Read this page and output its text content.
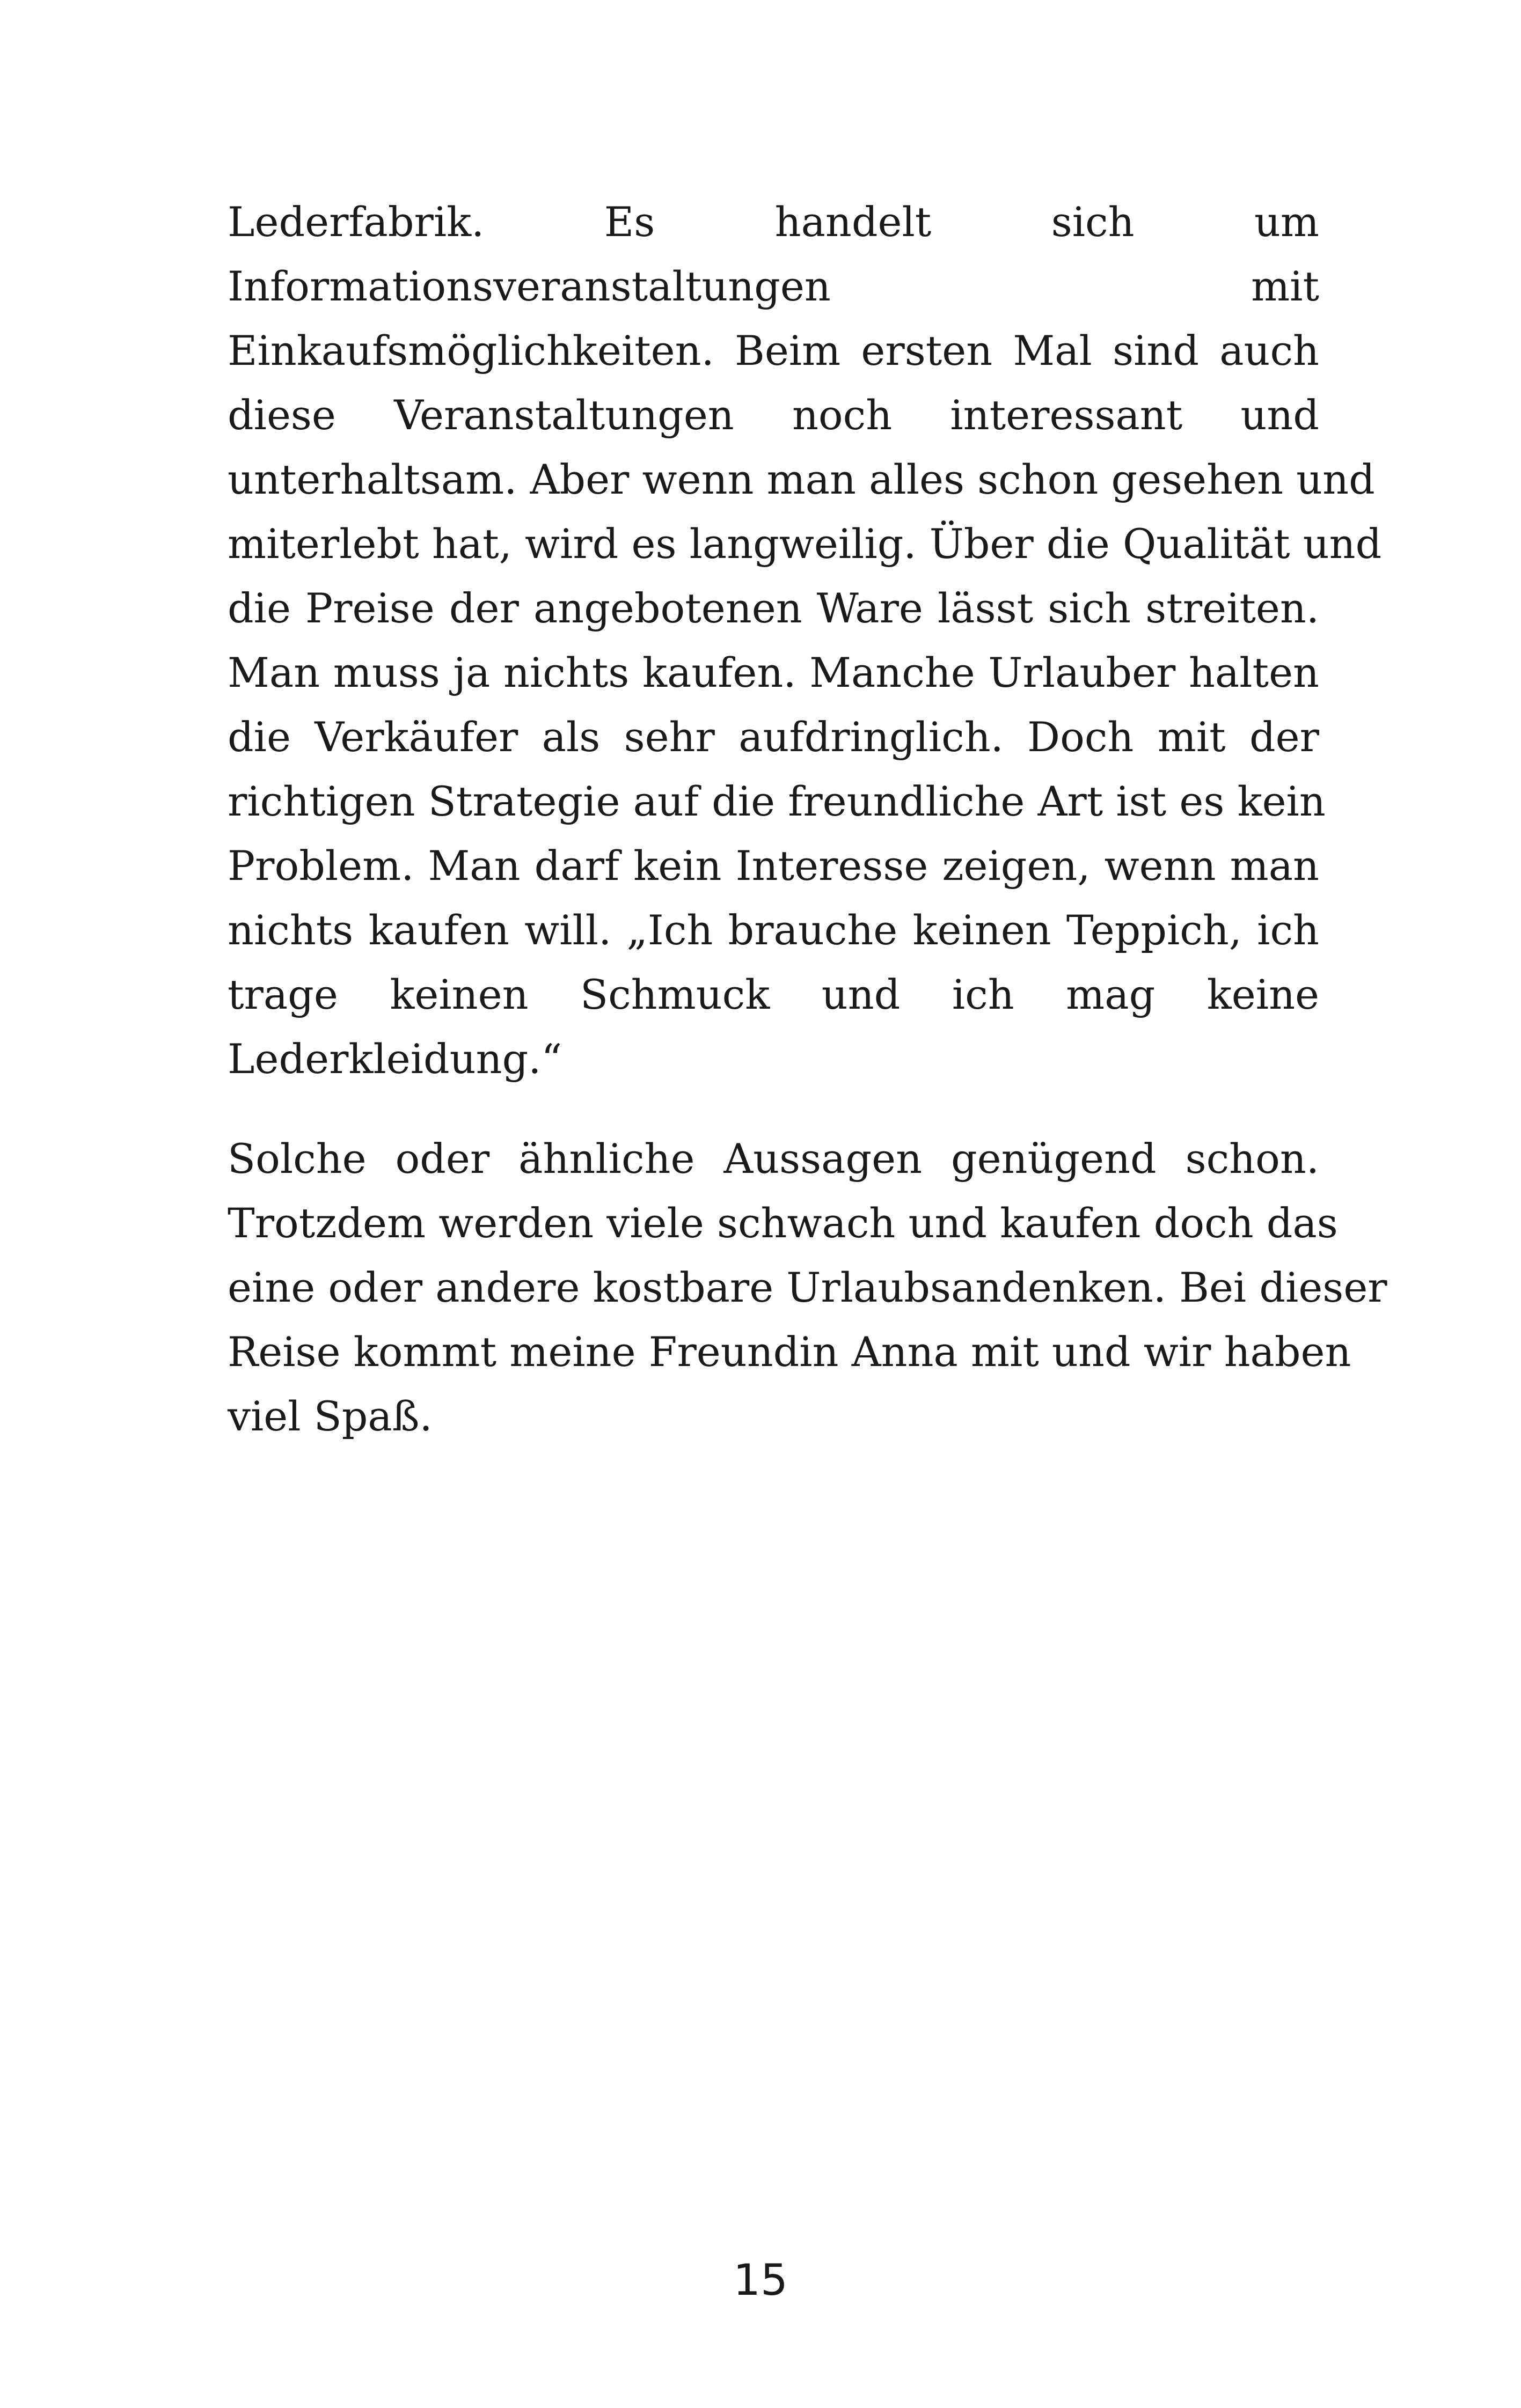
Lederfabrik. Es handelt sich um
Informationsveranstaltungen mit
Einkaufsmöglichkeiten. Beim ersten Mal sind auch
diese Veranstaltungen noch interessant und
unterhaltsam. Aber wenn man alles schon gesehen und
miterlebt hat, wird es langweilig. Über die Qualität und
die Preise der angebotenen Ware lässt sich streiten.
Man muss ja nichts kaufen. Manche Urlauber halten
die Verkäufer als sehr aufdringlich. Doch mit der
richtigen Strategie auf die freundliche Art ist es kein
Problem. Man darf kein Interesse zeigen, wenn man
nichts kaufen will. „Ich brauche keinen Teppich, ich
trage keinen Schmuck und ich mag keine
Lederkleidung.“
Solche oder ähnliche Aussagen genügend schon.
Trotzdem werden viele schwach und kaufen doch das
eine oder andere kostbare Urlaubsandenken. Bei dieser
Reise kommt meine Freundin Anna mit und wir haben
viel Spaß.
15
